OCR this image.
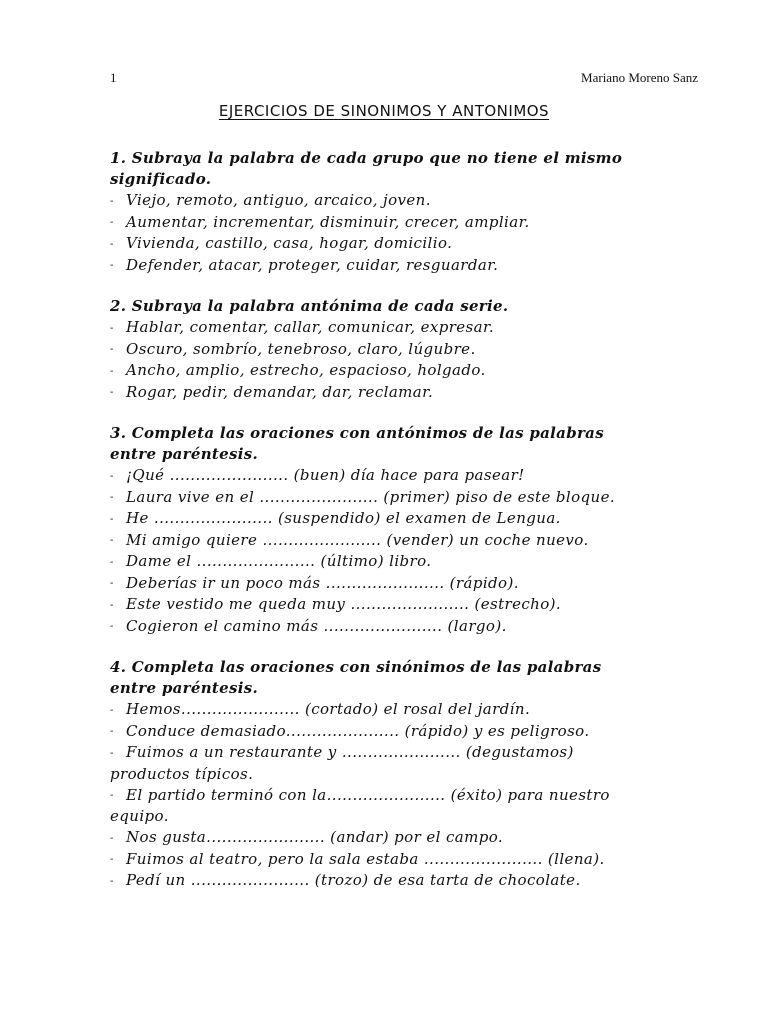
1	Mariano Moreno Sanz
EJERCICIOS DE SINONIMOS Y ANTONIMOS
1. Subraya la palabra de cada grupo que no tiene el mismo significado.
- Viejo, remoto, antiguo, arcaico, joven.
- Aumentar, incrementar, disminuir, crecer, ampliar.
- Vivienda, castillo, casa, hogar, domicilio.
- Defender, atacar, proteger, cuidar, resguardar.
2. Subraya la palabra antónima de cada serie.
- Hablar, comentar, callar, comunicar, expresar.
- Oscuro, sombrío, tenebroso, claro, lúgubre.
- Ancho, amplio, estrecho, espacioso, holgado.
- Rogar, pedir, demandar, dar, reclamar.
3. Completa las oraciones con antónimos de las palabras entre paréntesis.
- ¡Qué ....................... (buen) día hace para pasear!
- Laura vive en el ....................... (primer) piso de este bloque.
- He ....................... (suspendido) el examen de Lengua.
- Mi amigo quiere ....................... (vender) un coche nuevo.
- Dame el ....................... (último) libro.
- Deberías ir un poco más ....................... (rápido).
- Este vestido me queda muy ....................... (estrecho).
- Cogieron el camino más ....................... (largo).
4. Completa las oraciones con sinónimos de las palabras entre paréntesis.
- Hemos....................... (cortado) el rosal del jardín.
- Conduce demasiado...................... (rápido) y es peligroso.
- Fuimos a un restaurante y ....................... (degustamos) productos típicos.
- El partido terminó con la....................... (éxito) para nuestro equipo.
- Nos gusta....................... (andar) por el campo.
- Fuimos al teatro, pero la sala estaba ....................... (llena).
- Pedí un ....................... (trozo) de esa tarta de chocolate.
